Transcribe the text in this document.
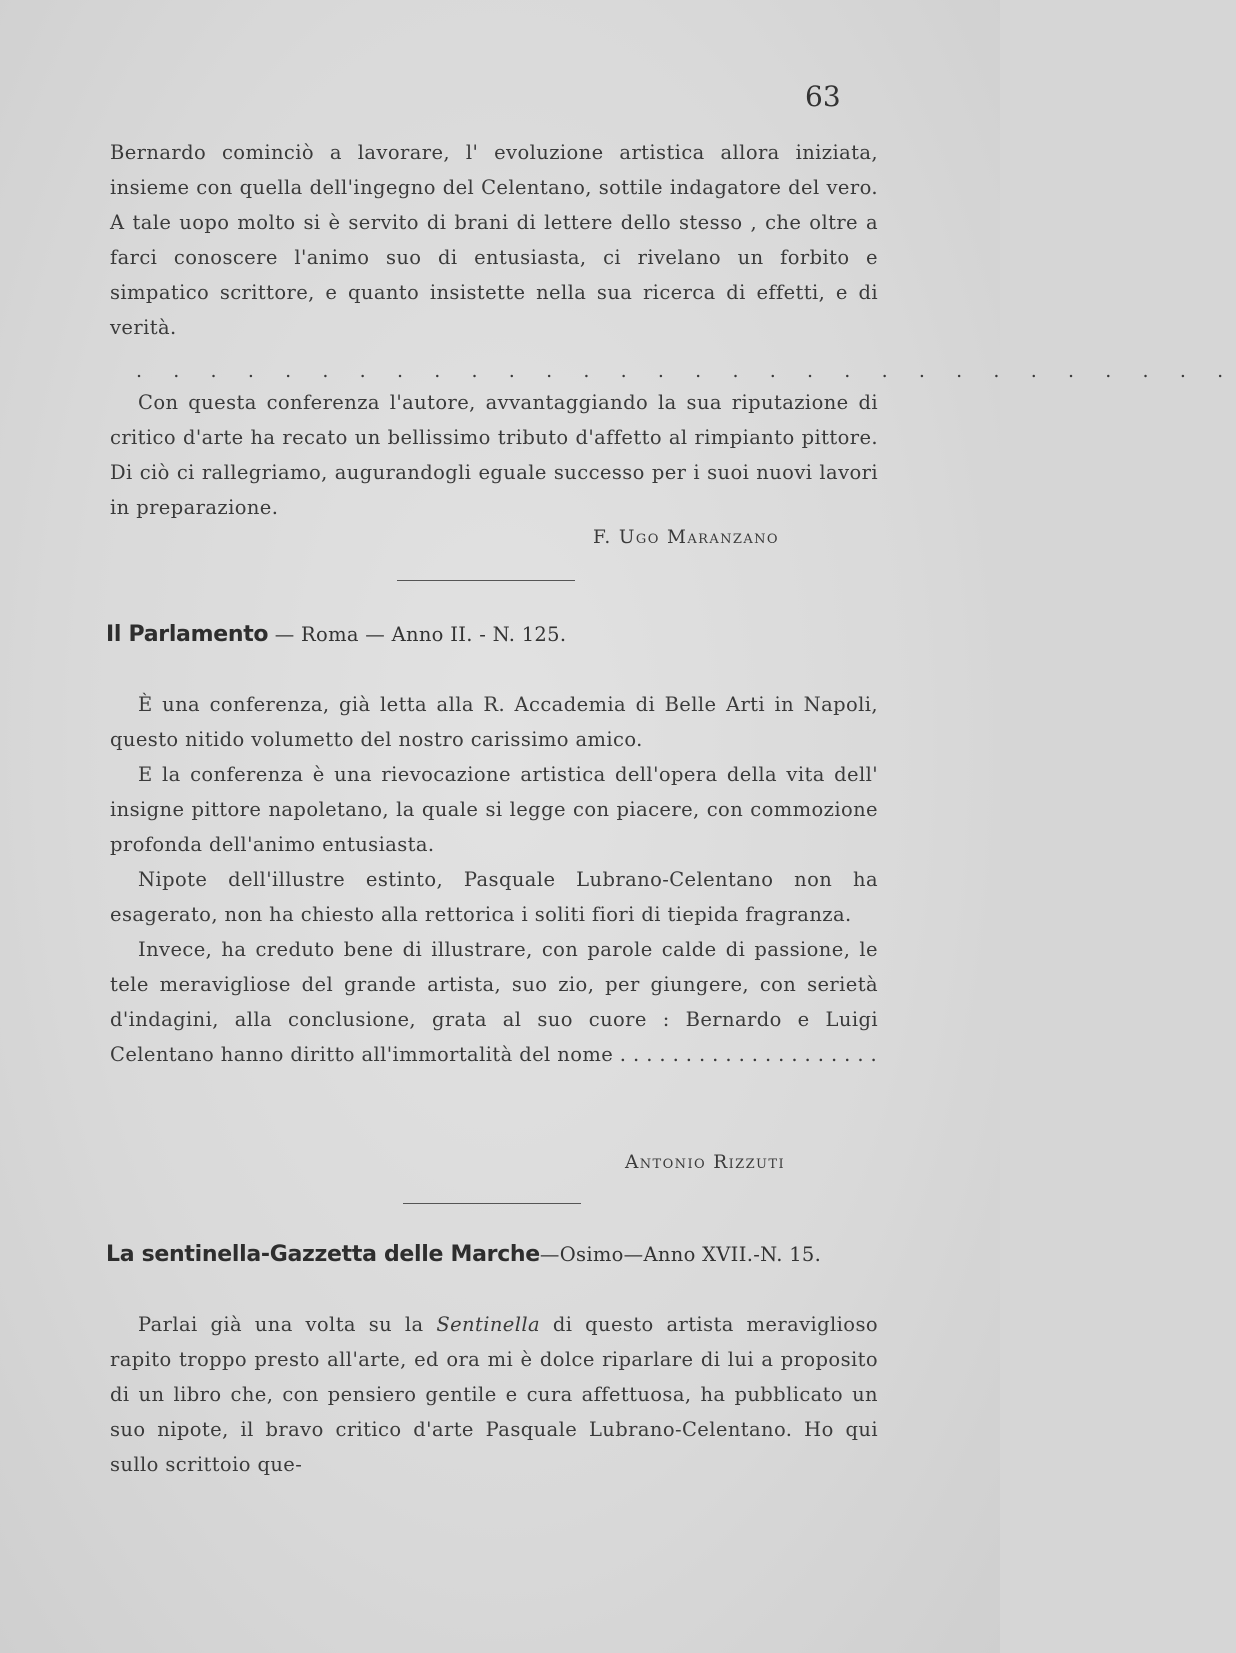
63

Bernardo cominciò a lavorare, l' evoluzione artistica allora iniziata, insieme con quella dell'ingegno del Celentano, sottile indagatore del vero. A tale uopo molto si è servito di brani di lettere dello stesso , che oltre a farci conoscere l'animo suo di entusiasta, ci rivelano un forbito e simpatico scrittore, e quanto insistette nella sua ricerca di effetti, e di verità.

. . . . . . . . . . . . . . . . . . . . . . . . . . . . . .

Con questa conferenza l'autore, avvantaggiando la sua riputazione di critico d'arte ha recato un bellissimo tributo d'affetto al rimpianto pittore. Di ciò ci rallegriamo, augurandogli eguale successo per i suoi nuovi lavori in preparazione.

F. Ugo Maranzano
Il Parlamento — Roma — Anno II. - N. 125.

È una conferenza, già letta alla R. Accademia di Belle Arti in Napoli, questo nitido volumetto del nostro carissimo amico.

E la conferenza è una rievocazione artistica dell'opera della vita dell' insigne pittore napoletano, la quale si legge con piacere, con commozione profonda dell'animo entusiasta.

Nipote dell'illustre estinto, Pasquale Lubrano-Celentano non ha esagerato, non ha chiesto alla rettorica i soliti fiori di tiepida fragranza.

Invece, ha creduto bene di illustrare, con parole calde di passione, le tele meravigliose del grande artista, suo zio, per giungere, con serietà d'indagini, alla conclusione, grata al suo cuore : Bernardo e Luigi Celentano hanno diritto all'immortalità del nome . . . . . . . . . . . . . . . . . . . .

Antonio Rizzuti
La sentinella-Gazzetta delle Marche—Osimo—Anno XVII.-N. 15.

Parlai già una volta su la Sentinella di questo artista meraviglioso rapito troppo presto all'arte, ed ora mi è dolce riparlare di lui a proposito di un libro che, con pensiero gentile e cura affettuosa, ha pubblicato un suo nipote, il bravo critico d'arte Pasquale Lubrano-Celentano. Ho qui sullo scrittoio que-
